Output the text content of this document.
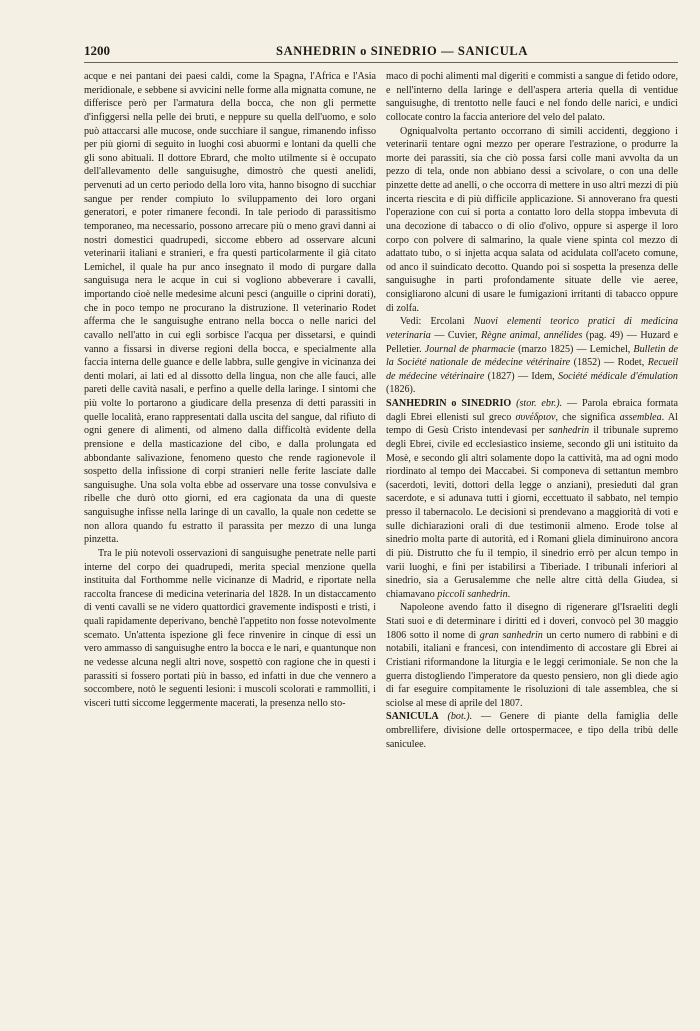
1200	SANHEDRIN o SINEDRIO — SANICULA

acque e nei pantani dei paesi caldi, come la Spagna, l'Africa e l'Asia meridionale, e sebbene si avvicini nelle forme alla mignatta comune, ne differisce però per l'armatura della bocca, che non gli permette d'infiggersi nella pelle dei bruti, e neppure su quella dell'uomo, e solo può attaccarsi alle mucose, onde succhiare il sangue, rimanendo infisso per più giorni di seguito in luoghi così abuormi e lontani da quelli che gli sono abituali. Il dottore Ebrard, che molto utilmente si è occupato dell'allevamento delle sanguisughe, dimostrò che questi anelidi, pervenuti ad un certo periodo della loro vita, hanno bisogno di succhiar sangue per render compiuto lo sviluppamento dei loro organi generatori, e poter rimanere fecondi. In tale periodo di parassitismo temporaneo, ma necessario, possono arrecare più o meno gravi danni ai nostri domestici quadrupedi, siccome ebbero ad osservare alcuni veterinarii italiani e stranieri, e fra questi particolarmente il già citato Lemichel, il quale ha pur anco insegnato il modo di purgare dalla sanguisuga nera le acque in cui si vogliono abbeverare i cavalli, importando cioè nelle medesime alcuni pesci (anguille o ciprini dorati), che in poco tempo ne procurano la distruzione. Il veterinario Rodet afferma che le sanguisughe entrano nella bocca o nelle narici del cavallo nell'atto in cui egli sorbisce l'acqua per dissetarsi, e quindi vanno a fissarsi in diverse regioni della bocca, e specialmente alla faccia interna delle guance e delle labbra, sulle gengive in vicinanza dei denti molari, ai lati ed al dissotto della lingua, non che alle fauci, alle pareti delle cavità nasali, e perfino a quelle della laringe. I sintomi che più volte lo portarono a giudicare della presenza di detti parassiti in quelle località, erano rappresentati dalla uscita del sangue, dal rifiuto di ogni genere di alimenti, od almeno dalla difficoltà evidente della prensione e della masticazione del cibo, e dalla prolungata ed abbondante salivazione, fenomeno questo che rende ragionevole il sospetto della infissione di corpi stranieri nelle ferite lasciate dalle sanguisughe. Una sola volta ebbe ad osservare una tosse convulsiva e ribelle che durò otto giorni, ed era cagionata da una di queste sanguisughe infisse nella laringe di un cavallo, la quale non cedette se non allora quando fu estratto il parassita per mezzo di una lunga pinzetta.

Tra le più notevoli osservazioni di sanguisughe penetrate nelle parti interne del corpo dei quadrupedi, merita special menzione quella instituita dal Forthomme nelle vicinanze di Madrid, e riportate nella raccolta francese di medicina veterinaria del 1828. In un distaccamento di venti cavalli se ne videro quattordici gravemente indisposti e tristi, i quali rapidamente deperivano, benchè l'appetito non fosse notevolmente scemato. Un'attenta ispezione gli fece rinvenire in cinque di essi un vero ammasso di sanguisughe entro la bocca e le nari, e quantunque non ne vedesse alcuna negli altri nove, sospettò con ragione che in questi i parassiti si fossero portati più in basso, ed infatti in due che vennero a soccombere, notò le seguenti lesioni: i muscoli scolorati e rammolliti, i visceri tutti siccome leggermente macerati, la presenza nello sto-

maco di pochi alimenti mal digeriti e commisti a sangue di fetido odore, e nell'interno della laringe e dell'aspera arteria quella di ventidue sanguisughe, di trentotto nelle fauci e nel fondo delle narici, e undici collocate contro la faccia anteriore del velo del palato.

Ogniqualvolta pertanto occorrano di simili accidenti, deggiono i veterinarii tentare ogni mezzo per operare l'estrazione, o produrre la morte dei parassiti, sia che ciò possa farsi colle mani avvolta da un pezzo di tela, onde non abbiano dessi a scivolare, o con una delle pinzette dette ad anelli, o che occorra di mettere in uso altri mezzi di più incerta riescita e di più difficile applicazione. Si annoverano fra questi l'operazione con cui si porta a contatto loro della stoppa imbevuta di una decozione di tabacco o di olio d'olivo, oppure si asperge il loro corpo con polvere di salmarino, la quale viene spinta col mezzo di adattato tubo, o si injetta acqua salata od acidulata coll'aceto comune, od anco il suindicato decotto. Quando poi si sospetta la presenza delle sanguisughe in parti profondamente situate delle vie aeree, consigliarono alcuni di usare le fumigazioni irritanti di tabacco oppure di zolfa.

Vedi: Ercolani Nuovi elementi teorico pratici di medicina veterinaria — Cuvier, Règne animal, annélides (pag. 49) — Huzard e Pelletier. Journal de pharmacie (marzo 1825) — Lemichel, Bulletin de la Société nationale de médecine vétérinaire (1852) — Rodet, Recueil de médecine vétérinaire (1827) — Idem, Société médicale d'émulation (1826).

SANHEDRIN o SINEDRIO (stor. ebr.). — Parola ebraica formata dagli Ebrei ellenisti sul greco συνέδριον, che significa assemblea. Al tempo di Gesù Cristo intendevasi per sanhedrin il tribunale supremo degli Ebrei, civile ed ecclesiastico insieme, secondo gli uni istituito da Mosè, e secondo gli altri solamente dopo la cattività, ma ad ogni modo riordinato al tempo dei Maccabei. Si componeva di settantun membro (sacerdoti, leviti, dottori della legge o anziani), presieduti dal gran sacerdote, e si adunava tutti i giorni, eccettuato il sabbato, nel tempio presso il tabernacolo. Le decisioni si prendevano a maggiorità di voti e sulle dichiarazioni orali di due testimonii almeno. Erode tolse al sinedrio molta parte di autorità, ed i Romani gliela diminuirono ancora di più. Distrutto che fu il tempio, il sinedrio errò per alcun tempo in varii luoghi, e finì per istabilirsi a Tiberiade. I tribunali inferiori al sinedrio, sia a Gerusalemme che nelle altre città della Giudea, si chiamavano piccoli sanhedrin.

Napoleone avendo fatto il disegno di rigenerare gl'Israeliti degli Stati suoi e di determinare i diritti ed i doveri, convocò pel 30 maggio 1806 sotto il nome di gran sanhedrin un certo numero di rabbini e di notabili, italiani e francesi, con intendimento di accostare gli Ebrei ai Cristiani riformandone la liturgia e le leggi cerimoniale. Se non che la guerra distogliendo l'imperatore da questo pensiero, non gli diede agio di far eseguire compitamente le risoluzioni di tale assemblea, che si sciolse al mese di aprile del 1807.

SANICULA (bot.). — Genere di piante della famiglia delle ombrellifere, divisione delle ortospermacee, e tipo della tribù delle saniculee.
